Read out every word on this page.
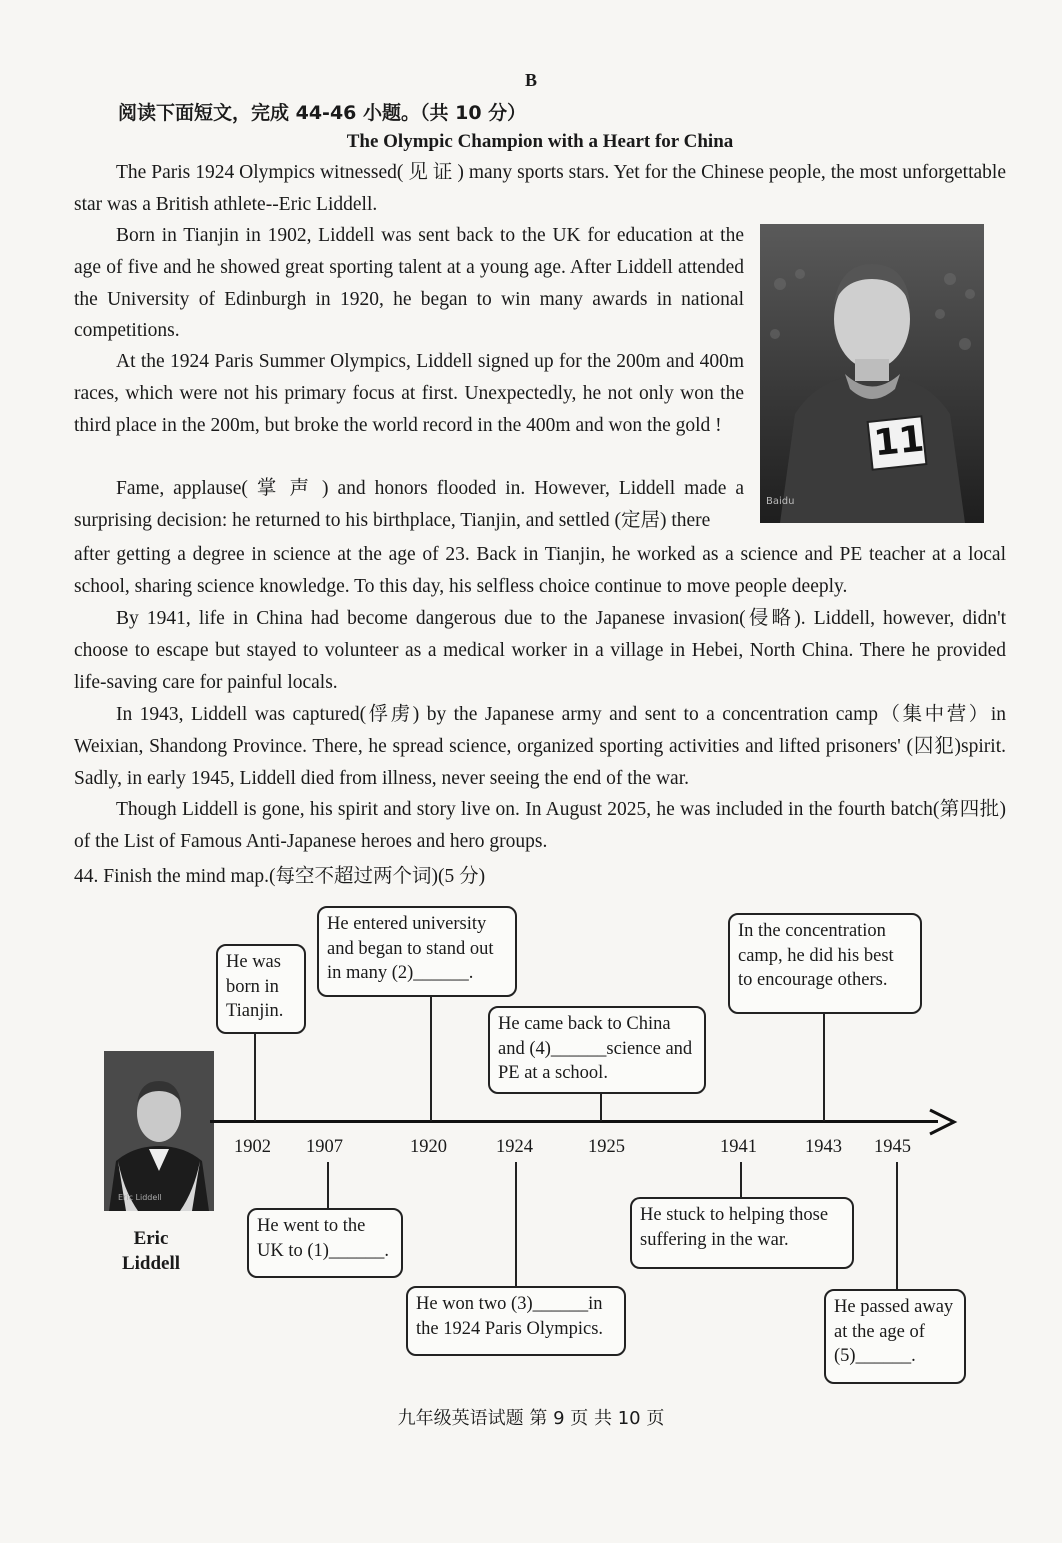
B
阅读下面短文，完成 44-46 小题。（共 10 分）
The Olympic Champion with a Heart for China

The Paris 1924 Olympics witnessed( 见 证 ) many sports stars. Yet for the Chinese people, the most unforgettable star was a British athlete--Eric Liddell.

Born in Tianjin in 1902, Liddell was sent back to the UK for education at the age of five and he showed great sporting talent at a young age. After Liddell attended the University of Edinburgh in 1920, he began to win many awards in national competitions.

At the 1924 Paris Summer Olympics, Liddell signed up for the 200m and 400m races, which were not his primary focus at first. Unexpectedly, he not only won the third place in the 200m, but broke the world record in the 400m and won the gold !

Fame, applause( 掌 声 ) and honors flooded in. However, Liddell made a surprising decision: he returned to his birthplace, Tianjin, and settled (定居) there

after getting a degree in science at the age of 23. Back in Tianjin, he worked as a science and PE teacher at a local school, sharing science knowledge. To this day, his selfless choice continue to move people deeply.

By 1941, life in China had become dangerous due to the Japanese invasion(侵略). Liddell, however, didn't choose to escape but stayed to volunteer as a medical worker in a village in Hebei, North China. There he provided life-saving care for painful locals.

In 1943, Liddell was captured(俘虏) by the Japanese army and sent to a concentration camp（集中营）in Weixian, Shandong Province. There, he spread science, organized sporting activities and lifted prisoners' (囚犯)spirit. Sadly, in early 1945, Liddell died from illness, never seeing the end of the war.

Though Liddell is gone, his spirit and story live on. In August 2025, he was included in the fourth batch(第四批) of the List of Famous Anti-Japanese heroes and hero groups.

11
Baidu
44. Finish the mind map.(每空不超过两个词)(5 分)
Eric Liddell
Eric
Liddell
1902 1907	1920	1924	1925	1941	1943 1945
He was born in Tianjin.
He entered university and began to stand out in many (2)______.
He came back to China and (4)______science and PE at a school.
In the concentration camp, he did his best to encourage others.
He went to the UK to (1)______.
He won two (3)______in the 1924 Paris Olympics.
He stuck to helping those suffering in the war.
He passed away at the age of (5)______.
九年级英语试题 第 9 页 共 10 页
